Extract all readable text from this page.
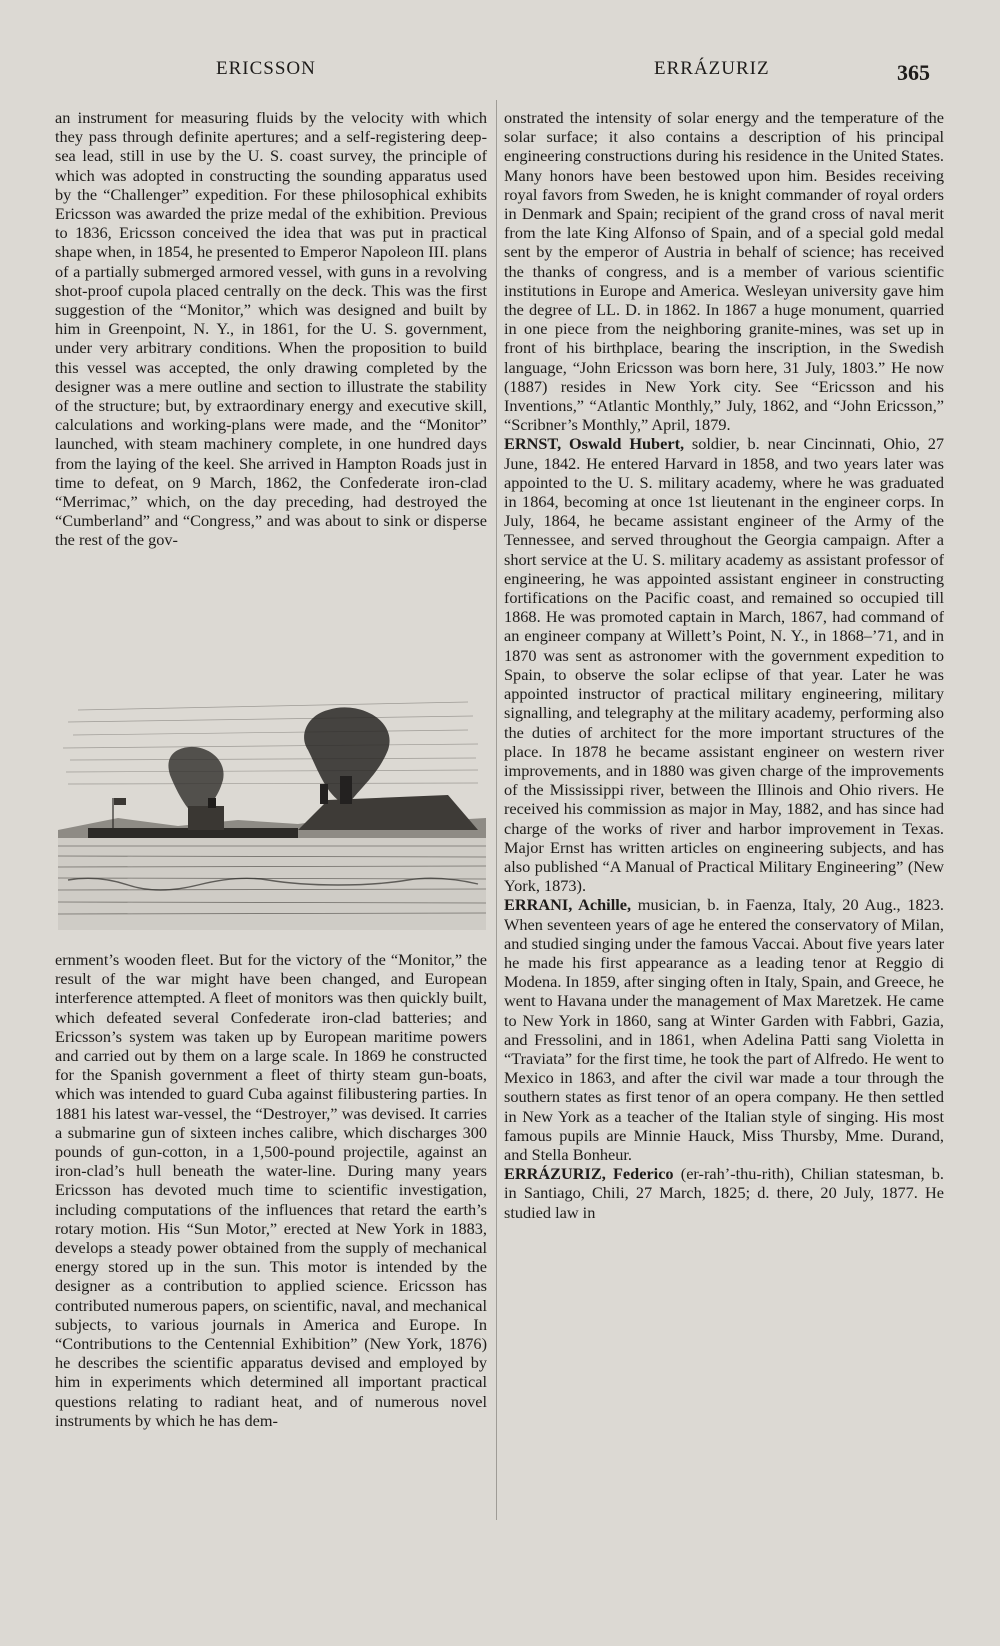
ERICSSON	ERRÁZURIZ	365

an instrument for measuring fluids by the velocity with which they pass through definite apertures; and a self-registering deep-sea lead, still in use by the U. S. coast survey, the principle of which was adopted in constructing the sounding apparatus used by the “Challenger” expedition. For these philosophical exhibits Ericsson was awarded the prize medal of the exhibition. Previous to 1836, Ericsson conceived the idea that was put in practical shape when, in 1854, he presented to Emperor Napoleon III. plans of a partially submerged armored vessel, with guns in a revolving shot-proof cupola placed centrally on the deck. This was the first suggestion of the “Monitor,” which was designed and built by him in Greenpoint, N. Y., in 1861, for the U. S. government, under very arbitrary conditions. When the proposition to build this vessel was accepted, the only drawing completed by the designer was a mere outline and section to illustrate the stability of the structure; but, by extraordinary energy and executive skill, calculations and working-plans were made, and the “Monitor” launched, with steam machinery complete, in one hundred days from the laying of the keel. She arrived in Hampton Roads just in time to defeat, on 9 March, 1862, the Confederate iron-clad “Merrimac,” which, on the day preceding, had destroyed the “Cumberland” and “Congress,” and was about to sink or disperse the rest of the gov-

ernment’s wooden fleet. But for the victory of the “Monitor,” the result of the war might have been changed, and European interference attempted. A fleet of monitors was then quickly built, which defeated several Confederate iron-clad batteries; and Ericsson’s system was taken up by European maritime powers and carried out by them on a large scale. In 1869 he constructed for the Spanish government a fleet of thirty steam gun-boats, which was intended to guard Cuba against filibustering parties. In 1881 his latest war-vessel, the “Destroyer,” was devised. It carries a submarine gun of sixteen inches calibre, which discharges 300 pounds of gun-cotton, in a 1,500-pound projectile, against an iron-clad’s hull beneath the water-line. During many years Ericsson has devoted much time to scientific investigation, including computations of the influences that retard the earth’s rotary motion. His “Sun Motor,” erected at New York in 1883, develops a steady power obtained from the supply of mechanical energy stored up in the sun. This motor is intended by the designer as a contribution to applied science. Ericsson has contributed numerous papers, on scientific, naval, and mechanical subjects, to various journals in America and Europe. In “Contributions to the Centennial Exhibition” (New York, 1876) he describes the scientific apparatus devised and employed by him in experiments which determined all important practical questions relating to radiant heat, and of numerous novel instruments by which he has dem-

onstrated the intensity of solar energy and the temperature of the solar surface; it also contains a description of his principal engineering constructions during his residence in the United States. Many honors have been bestowed upon him. Besides receiving royal favors from Sweden, he is knight commander of royal orders in Denmark and Spain; recipient of the grand cross of naval merit from the late King Alfonso of Spain, and of a special gold medal sent by the emperor of Austria in behalf of science; has received the thanks of congress, and is a member of various scientific institutions in Europe and America. Wesleyan university gave him the degree of LL. D. in 1862. In 1867 a huge monument, quarried in one piece from the neighboring granite-mines, was set up in front of his birthplace, bearing the inscription, in the Swedish language, “John Ericsson was born here, 31 July, 1803.” He now (1887) resides in New York city. See “Ericsson and his Inventions,” “Atlantic Monthly,” July, 1862, and “John Ericsson,” “Scribner’s Monthly,” April, 1879.

ERNST, Oswald Hubert, soldier, b. near Cincinnati, Ohio, 27 June, 1842. He entered Harvard in 1858, and two years later was appointed to the U. S. military academy, where he was graduated in 1864, becoming at once 1st lieutenant in the engineer corps. In July, 1864, he became assistant engineer of the Army of the Tennessee, and served throughout the Georgia campaign. After a short service at the U. S. military academy as assistant professor of engineering, he was appointed assistant engineer in constructing fortifications on the Pacific coast, and remained so occupied till 1868. He was promoted captain in March, 1867, had command of an engineer company at Willett’s Point, N. Y., in 1868–’71, and in 1870 was sent as astronomer with the government expedition to Spain, to observe the solar eclipse of that year. Later he was appointed instructor of practical military engineering, military signalling, and telegraphy at the military academy, performing also the duties of architect for the more important structures of the place. In 1878 he became assistant engineer on western river improvements, and in 1880 was given charge of the improvements of the Mississippi river, between the Illinois and Ohio rivers. He received his commission as major in May, 1882, and has since had charge of the works of river and harbor improvement in Texas. Major Ernst has written articles on engineering subjects, and has also published “A Manual of Practical Military Engineering” (New York, 1873).

ERRANI, Achille, musician, b. in Faenza, Italy, 20 Aug., 1823. When seventeen years of age he entered the conservatory of Milan, and studied singing under the famous Vaccai. About five years later he made his first appearance as a leading tenor at Reggio di Modena. In 1859, after singing often in Italy, Spain, and Greece, he went to Havana under the management of Max Maretzek. He came to New York in 1860, sang at Winter Garden with Fabbri, Gazia, and Fressolini, and in 1861, when Adelina Patti sang Violetta in “Traviata” for the first time, he took the part of Alfredo. He went to Mexico in 1863, and after the civil war made a tour through the southern states as first tenor of an opera company. He then settled in New York as a teacher of the Italian style of singing. His most famous pupils are Minnie Hauck, Miss Thursby, Mme. Durand, and Stella Bonheur.

ERRÁZURIZ, Federico (er-rah’-thu-rith), Chilian statesman, b. in Santiago, Chili, 27 March, 1825; d. there, 20 July, 1877. He studied law in
